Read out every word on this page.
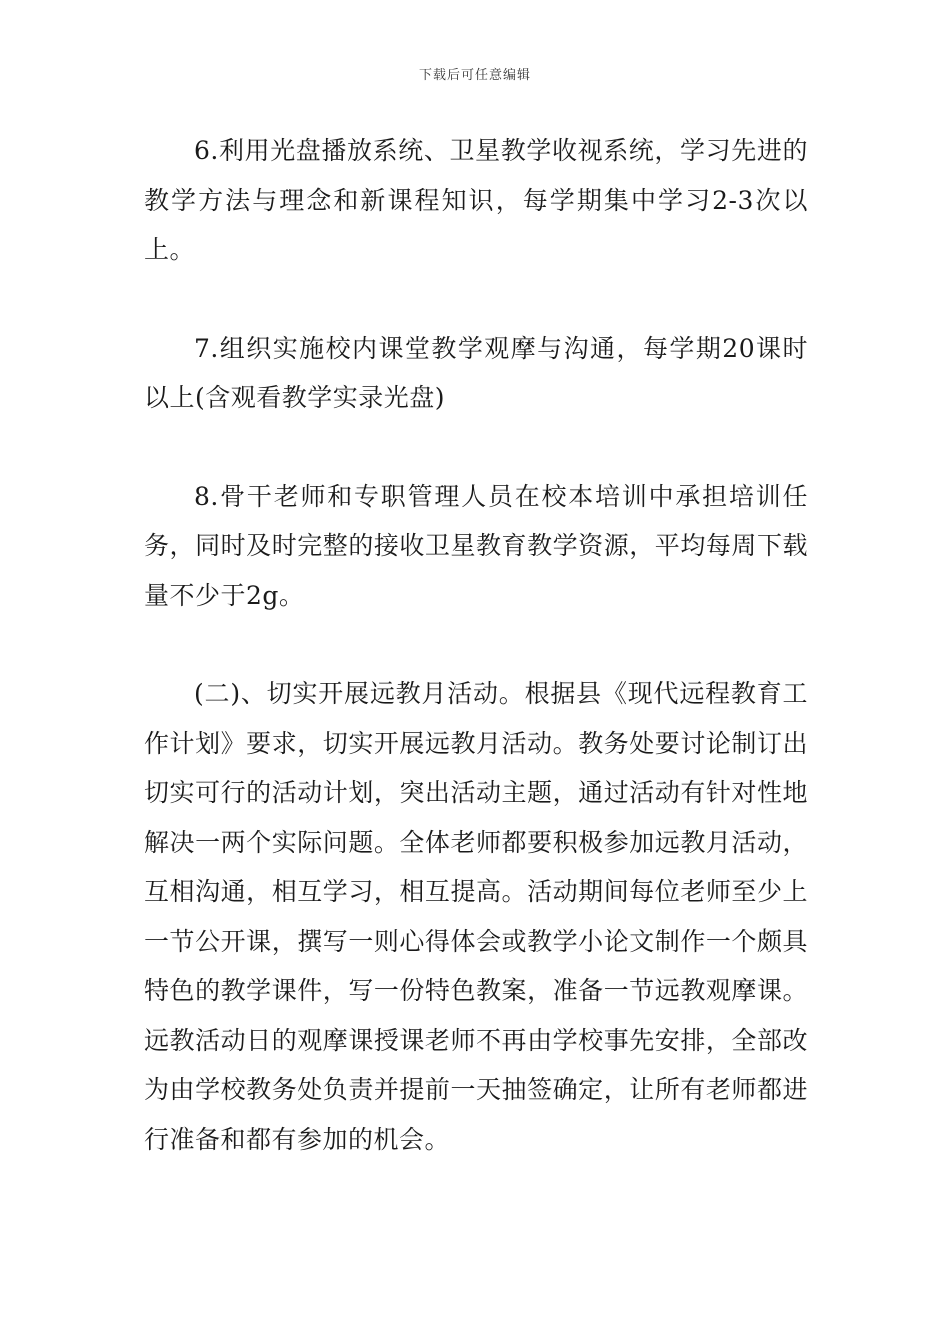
下载后可任意编辑

6.利用光盘播放系统、卫星教学收视系统，学习先进的教学方法与理念和新课程知识，每学期集中学习2-3次以上。

7.组织实施校内课堂教学观摩与沟通，每学期20课时以上(含观看教学实录光盘)

8.骨干老师和专职管理人员在校本培训中承担培训任务，同时及时完整的接收卫星教育教学资源，平均每周下载量不少于2g。

(二)、切实开展远教月活动。根据县《现代远程教育工作计划》要求，切实开展远教月活动。教务处要讨论制订出切实可行的活动计划，突出活动主题，通过活动有针对性地解决一两个实际问题。全体老师都要积极参加远教月活动，互相沟通，相互学习，相互提高。活动期间每位老师至少上一节公开课，撰写一则心得体会或教学小论文制作一个颇具特色的教学课件，写一份特色教案，准备一节远教观摩课。远教活动日的观摩课授课老师不再由学校事先安排，全部改为由学校教务处负责并提前一天抽签确定，让所有老师都进行准备和都有参加的机会。
